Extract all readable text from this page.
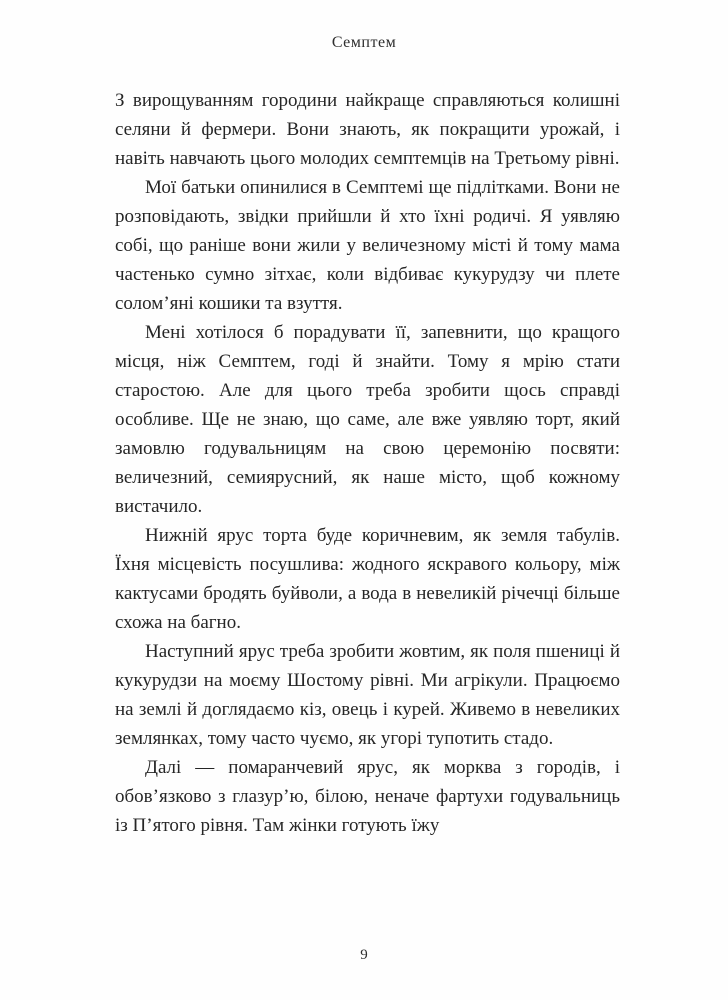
Семптем

З вирощуванням городини найкраще справляються колишні селяни й фермери. Вони знають, як покращити урожай, і навіть навчають цього молодих семптемців на Третьому рівні.

Мої батьки опинилися в Семптемі ще підлітками. Вони не розповідають, звідки прийшли й хто їхні родичі. Я уявляю собі, що раніше вони жили у величезному місті й тому мама частенько сумно зітхає, коли відбиває кукурудзу чи плете солом’яні кошики та взуття.

Мені хотілося б порадувати її, запевнити, що кращого місця, ніж Семптем, годі й знайти. Тому я мрію стати старостою. Але для цього треба зробити щось справді особливе. Ще не знаю, що саме, але вже уявляю торт, який замовлю годувальницям на свою церемонію посвяти: величезний, семиярусний, як наше місто, щоб кожному вистачило.

Нижній ярус торта буде коричневим, як земля табулів. Їхня місцевість посушлива: жодного яскравого кольору, між кактусами бродять буйволи, а вода в невеликій річечці більше схожа на багно.

Наступний ярус треба зробити жовтим, як поля пшениці й кукурудзи на моєму Шостому рівні. Ми агрікули. Працюємо на землі й доглядаємо кіз, овець і курей. Живемо в невеликих землянках, тому часто чуємо, як угорі тупотить стадо.

Далі — помаранчевий ярус, як морква з городів, і обов’язково з глазур’ю, білою, неначе фартухи годувальниць із П’ятого рівня. Там жінки готують їжу

9
